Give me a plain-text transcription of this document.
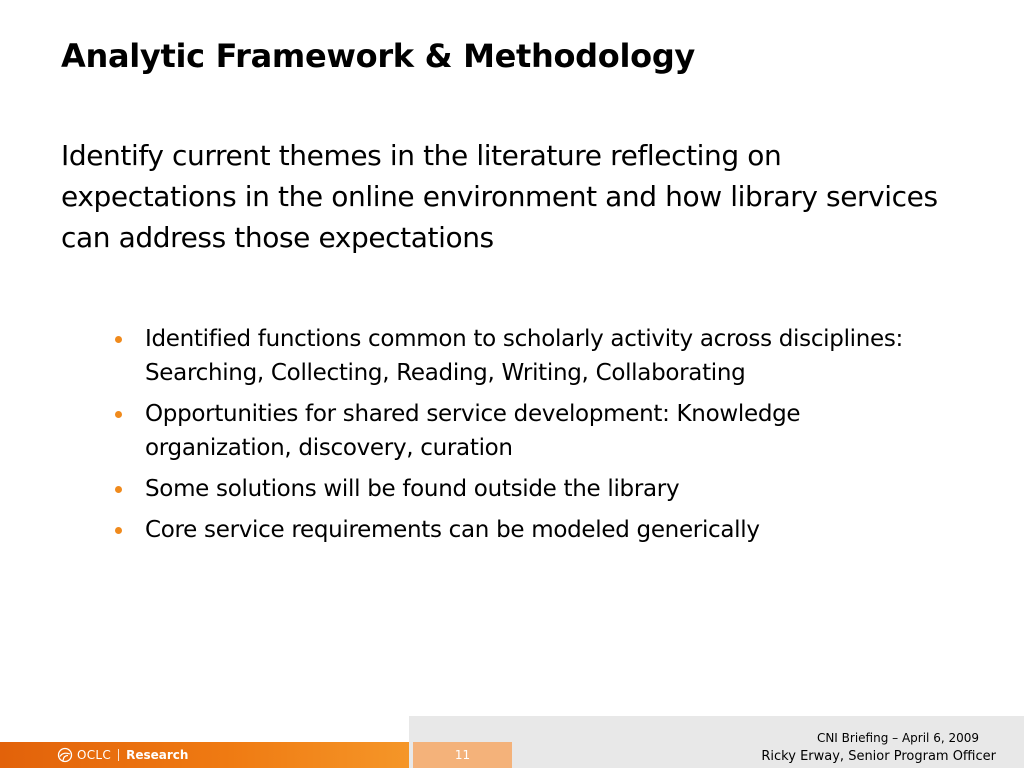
Analytic Framework & Methodology

Identify current themes in the literature reflecting on expectations in the online environment and how library services can address those expectations

Identified functions common to scholarly activity across disciplines: Searching, Collecting, Reading, Writing, Collaborating
Opportunities for shared service development: Knowledge organization, discovery, curation
Some solutions will be found outside the library
Core service requirements can be modeled generically
OCLC Research	11
CNI Briefing – April 6, 2009
Ricky Erway, Senior Program Officer
